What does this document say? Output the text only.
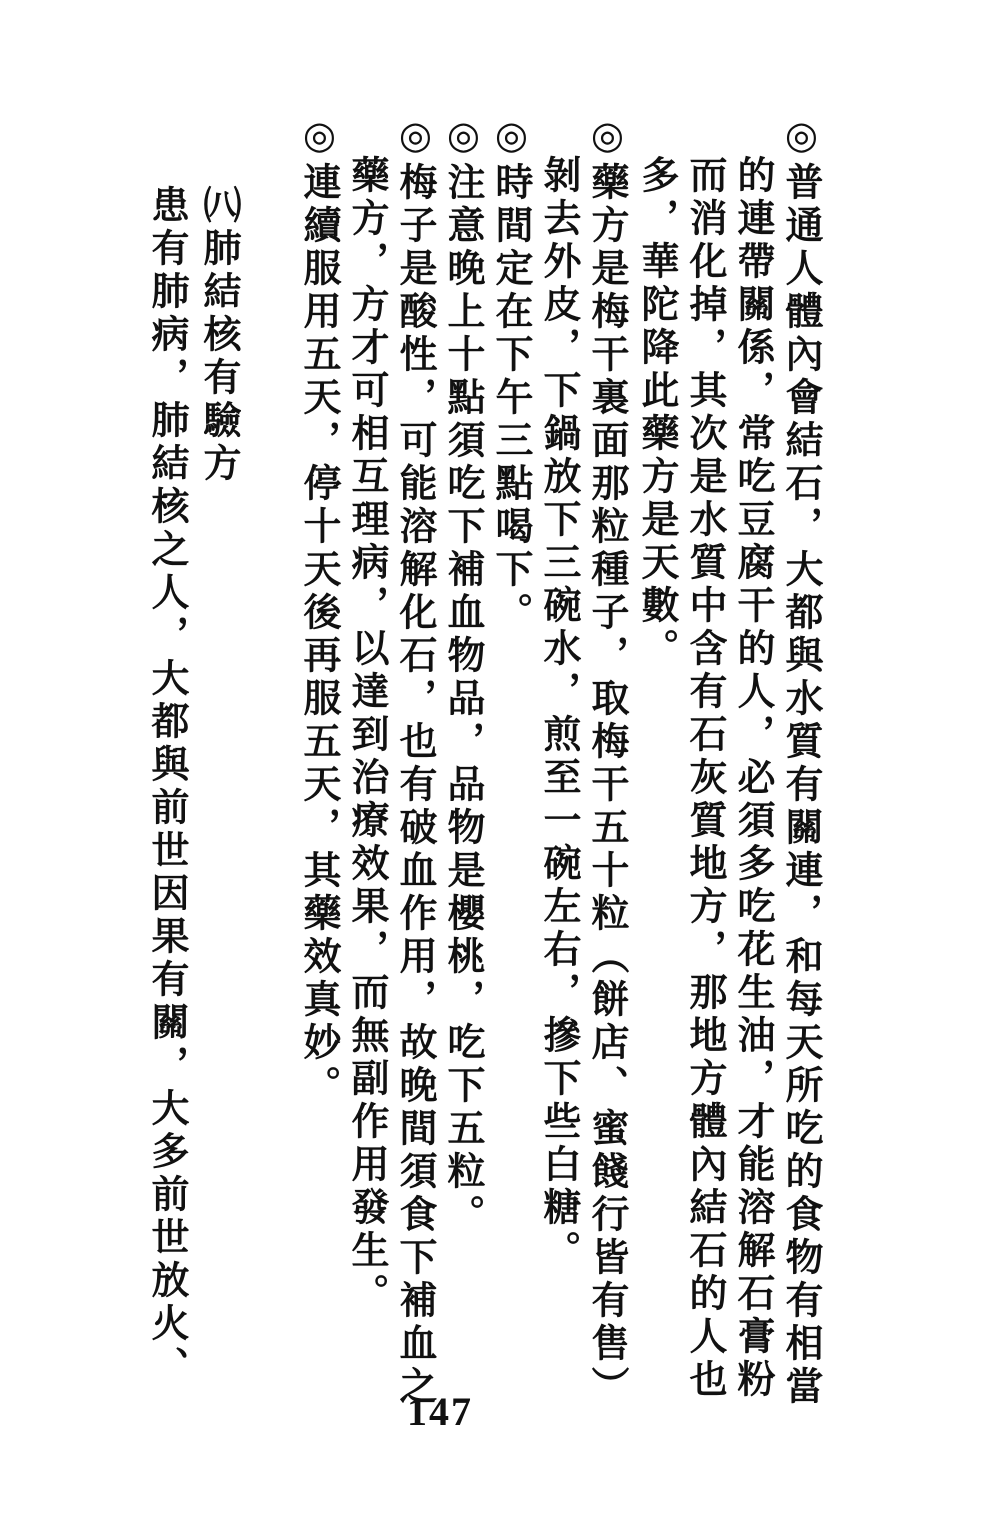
◎普通人體內會結石，大都與水質有關連，和每天所吃的食物有相當
的連帶關係，常吃豆腐干的人，必須多吃花生油，才能溶解石膏粉
而消化掉，其次是水質中含有石灰質地方，那地方體內結石的人也
多，華陀降此藥方是天數。
◎藥方是梅干裏面那粒種子，取梅干五十粒（餅店、蜜餞行皆有售）
剝去外皮，下鍋放下三碗水，煎至一碗左右，摻下些白糖。
◎時間定在下午三點喝下。
◎注意晚上十點須吃下補血物品，品物是櫻桃，吃下五粒。
◎梅子是酸性，可能溶解化石，也有破血作用，故晚間須食下補血之
藥方，方才可相互理病，以達到治療效果，而無副作用發生。
◎連續服用五天，停十天後再服五天，其藥效真妙。
㈧肺結核有驗方
患有肺病，肺結核之人，大都與前世因果有關，大多前世放火、
147
